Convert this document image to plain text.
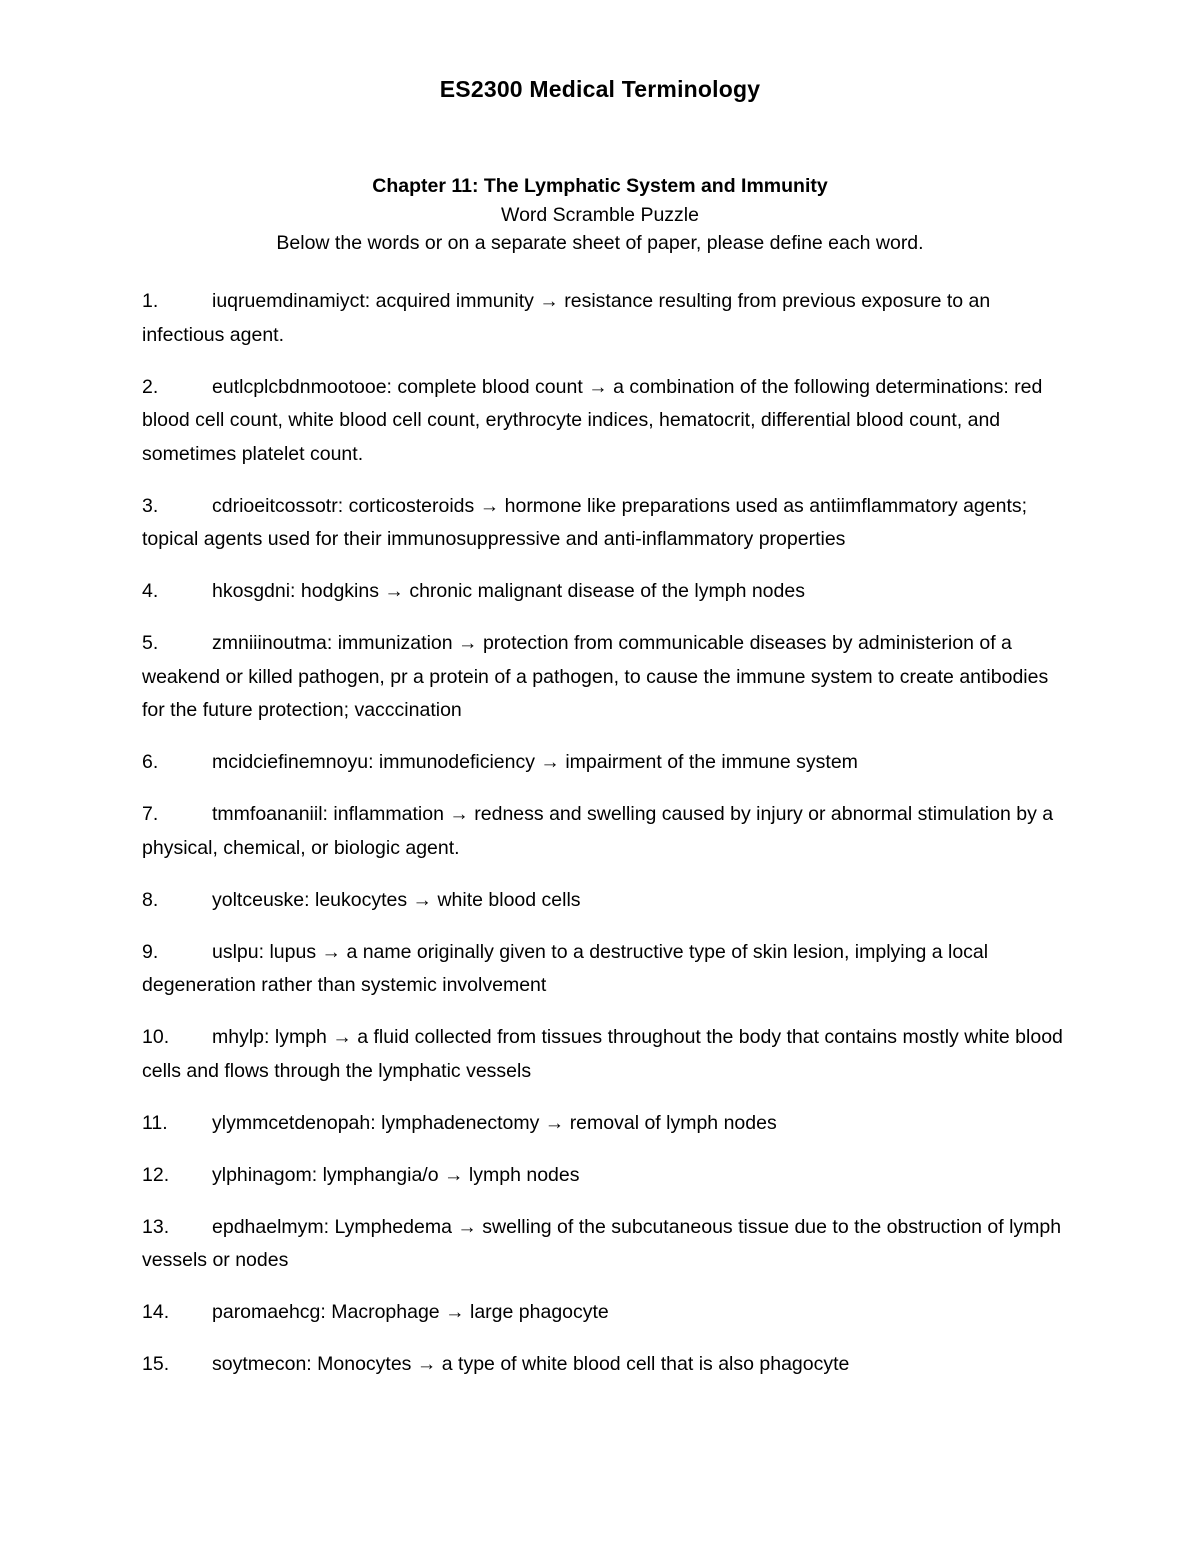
ES2300 Medical Terminology
Chapter 11: The Lymphatic System and Immunity
Word Scramble Puzzle
Below the words or on a separate sheet of paper, please define each word.
1.	iuqruemdinamiyct: acquired immunity → resistance resulting from previous exposure to an infectious agent.
2.	eutlcplcbdnmootooe: complete blood count → a combination of the following determinations: red blood cell count, white blood cell count, erythrocyte indices, hematocrit, differential blood count, and sometimes platelet count.
3.	cdrioeitcossotr: corticosteroids → hormone like preparations used as antiimflammatory agents; topical agents used for their immunosuppressive and anti-inflammatory properties
4.	hkosgdni: hodgkins → chronic malignant disease of the lymph nodes
5.	zmniiinoutma: immunization → protection from communicable diseases by administerion of a weakend or killed pathogen, pr a protein of a pathogen, to cause the immune system to create antibodies for the future protection; vacccination
6.	mcidciefinemnoyu: immunodeficiency → impairment of the immune system
7.	tmmfoananiil: inflammation → redness and swelling caused by injury or abnormal stimulation by a physical, chemical, or biologic agent.
8.	yoltceuske: leukocytes → white blood cells
9.	uslpu: lupus → a name originally given to a destructive type of skin lesion, implying a local degeneration rather than systemic involvement
10. mhylp: lymph → a fluid collected from tissues throughout the body that contains mostly white blood cells and flows through the lymphatic vessels
11. ylymmcetdenopah: lymphadenectomy → removal of lymph nodes
12. ylphinagom: lymphangia/o → lymph nodes
13. epdhaelmym: Lymphedema → swelling of the subcutaneous tissue due to the obstruction of lymph vessels or nodes
14. paromaehcg: Macrophage → large phagocyte
15. soytmecon: Monocytes → a type of white blood cell that is also phagocyte
